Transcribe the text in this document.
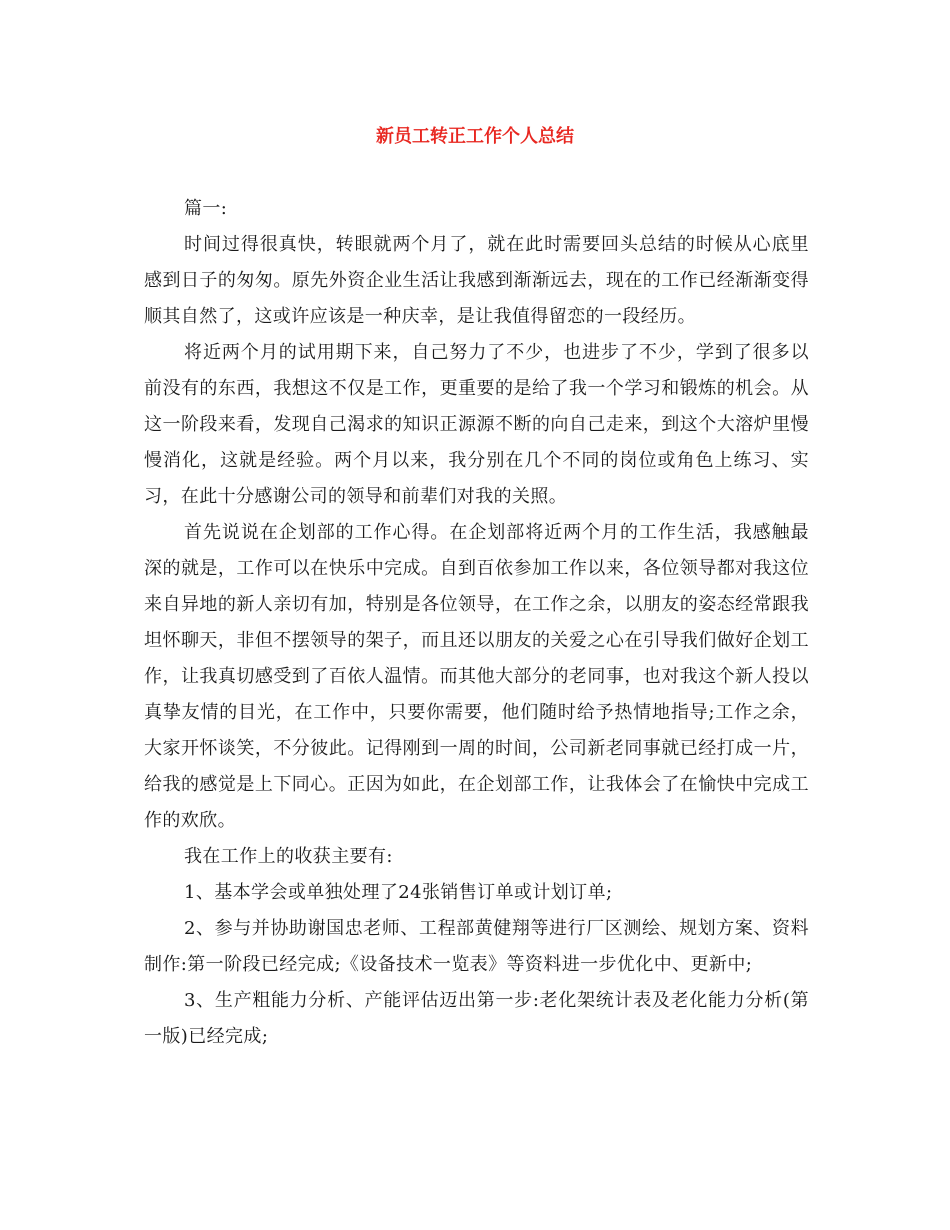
新员工转正工作个人总结

篇一:

时间过得很真快，转眼就两个月了，就在此时需要回头总结的时候从心底里感到日子的匆匆。原先外资企业生活让我感到渐渐远去，现在的工作已经渐渐变得顺其自然了，这或许应该是一种庆幸，是让我值得留恋的一段经历。

将近两个月的试用期下来，自己努力了不少，也进步了不少，学到了很多以前没有的东西，我想这不仅是工作，更重要的是给了我一个学习和锻炼的机会。从这一阶段来看，发现自己渴求的知识正源源不断的向自己走来，到这个大溶炉里慢慢消化，这就是经验。两个月以来，我分别在几个不同的岗位或角色上练习、实习，在此十分感谢公司的领导和前辈们对我的关照。

首先说说在企划部的工作心得。在企划部将近两个月的工作生活，我感触最深的就是，工作可以在快乐中完成。自到百依参加工作以来，各位领导都对我这位来自异地的新人亲切有加，特别是各位领导，在工作之余，以朋友的姿态经常跟我坦怀聊天，非但不摆领导的架子，而且还以朋友的关爱之心在引导我们做好企划工作，让我真切感受到了百依人温情。而其他大部分的老同事，也对我这个新人投以真挚友情的目光，在工作中，只要你需要，他们随时给予热情地指导;工作之余，大家开怀谈笑，不分彼此。记得刚到一周的时间，公司新老同事就已经打成一片，给我的感觉是上下同心。正因为如此，在企划部工作，让我体会了在愉快中完成工作的欢欣。

我在工作上的收获主要有:

1、基本学会或单独处理了24张销售订单或计划订单;

2、参与并协助谢国忠老师、工程部黄健翔等进行厂区测绘、规划方案、资料制作:第一阶段已经完成;《设备技术一览表》等资料进一步优化中、更新中;

3、生产粗能力分析、产能评估迈出第一步:老化架统计表及老化能力分析(第一版)已经完成;
